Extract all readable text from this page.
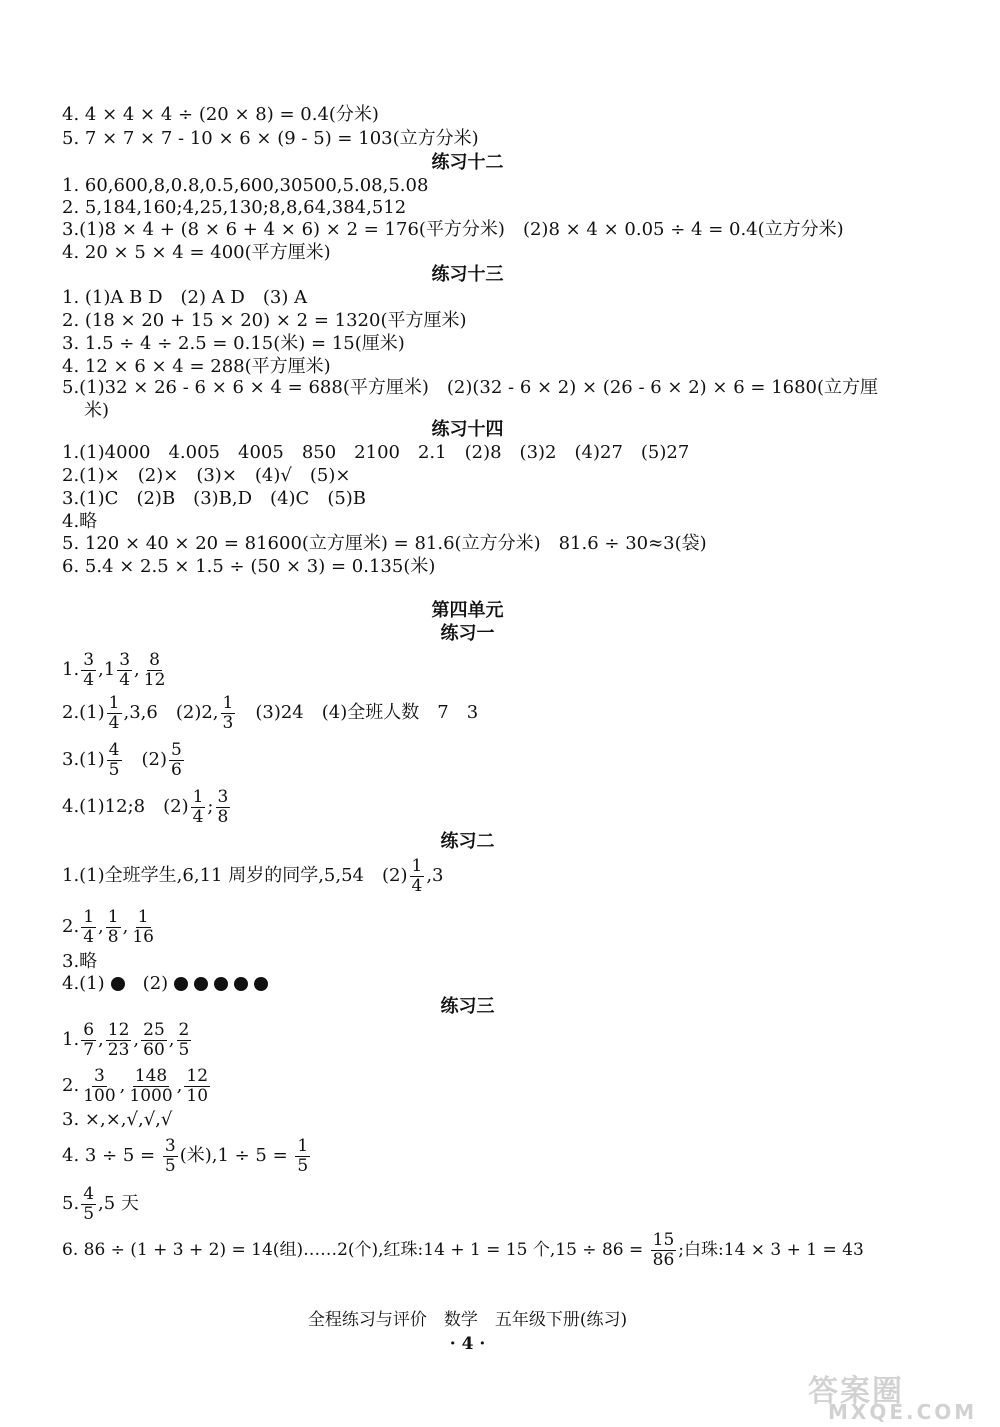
4. 4 × 4 × 4 ÷ (20 × 8) = 0.4(分米)
5. 7 × 7 × 7 - 10 × 6 × (9 - 5) = 103(立方分米)
练习十二
1. 60,600,8,0.8,0.5,600,30500,5.08,5.08
2. 5,184,160;4,25,130;8,8,64,384,512
3.(1)8 × 4 + (8 × 6 + 4 × 6) × 2 = 176(平方分米)　(2)8 × 4 × 0.05 ÷ 4 = 0.4(立方分米)
4. 20 × 5 × 4 = 400(平方厘米)
练习十三
1. (1)A B D　(2) A D　(3) A
2. (18 × 20 + 15 × 20) × 2 = 1320(平方厘米)
3. 1.5 ÷ 4 ÷ 2.5 = 0.15(米) = 15(厘米)
4. 12 × 6 × 4 = 288(平方厘米)
5.(1)32 × 26 - 6 × 6 × 4 = 688(平方厘米)　(2)(32 - 6 × 2) × (26 - 6 × 2) × 6 = 1680(立方厘
米)
练习十四
1.(1)4000　4.005　4005　850　2100　2.1　(2)8　(3)2　(4)27　(5)27
2.(1)×　(2)×　(3)×　(4)√　(5)×
3.(1)C　(2)B　(3)B,D　(4)C　(5)B
4.略
5. 120 × 40 × 20 = 81600(立方厘米) = 81.6(立方分米)　81.6 ÷ 30≈3(袋)
6. 5.4 × 2.5 × 1.5 ÷ (50 × 3) = 0.135(米)
第四单元
练习一
1. $\frac{3}{4} ,1 \frac{3}{4}$ , $\frac{8}{12}$
$2.(1) \frac{1}{4} ,3,6$　(2)2, $\frac{1}{3}$ 　(3)24　(4)全班人数　7　3
$3.(1) \frac{4}{5}$ 　$(2) \frac{5}{6}$
4.(1)12;8　$(2) \frac{1}{4}$ ; $\frac{3}{8}$
练习二
1.(1)全班学生,6,11 周岁的同学,5,54　$(2) \frac{1}{4} ,3$
2. $\frac{1}{4}$ , $\frac{1}{8}$ , $\frac{1}{16}$
3.略
4.(1)
　(2)
练习三
1. $\frac{6}{7}$ , $\frac{12}{23}$ , $\frac{25}{60}$ , $\frac{2}{5}$
2. $\frac{3}{100}$ , $\frac{148}{1000}$ , $\frac{12}{10}$
3. ×,×,√,√,√
4. $3 \div 5 = \frac{3}{5}$ (米)$,1 \div 5 = \frac{1}{5}$
5. $\frac{4}{5} ,5$ 天
6. 86 ÷ (1 + 3 + 2) = 14(组)……2(个),红珠:14 + 1 = 15 个$,15 \div 86 = \frac{15}{86}$ ;白珠:14 × 3 + 1 = 43
全程练习与评价　数学　五年级下册(练习)
· 4 ·
答案圈
MXQE.COM
